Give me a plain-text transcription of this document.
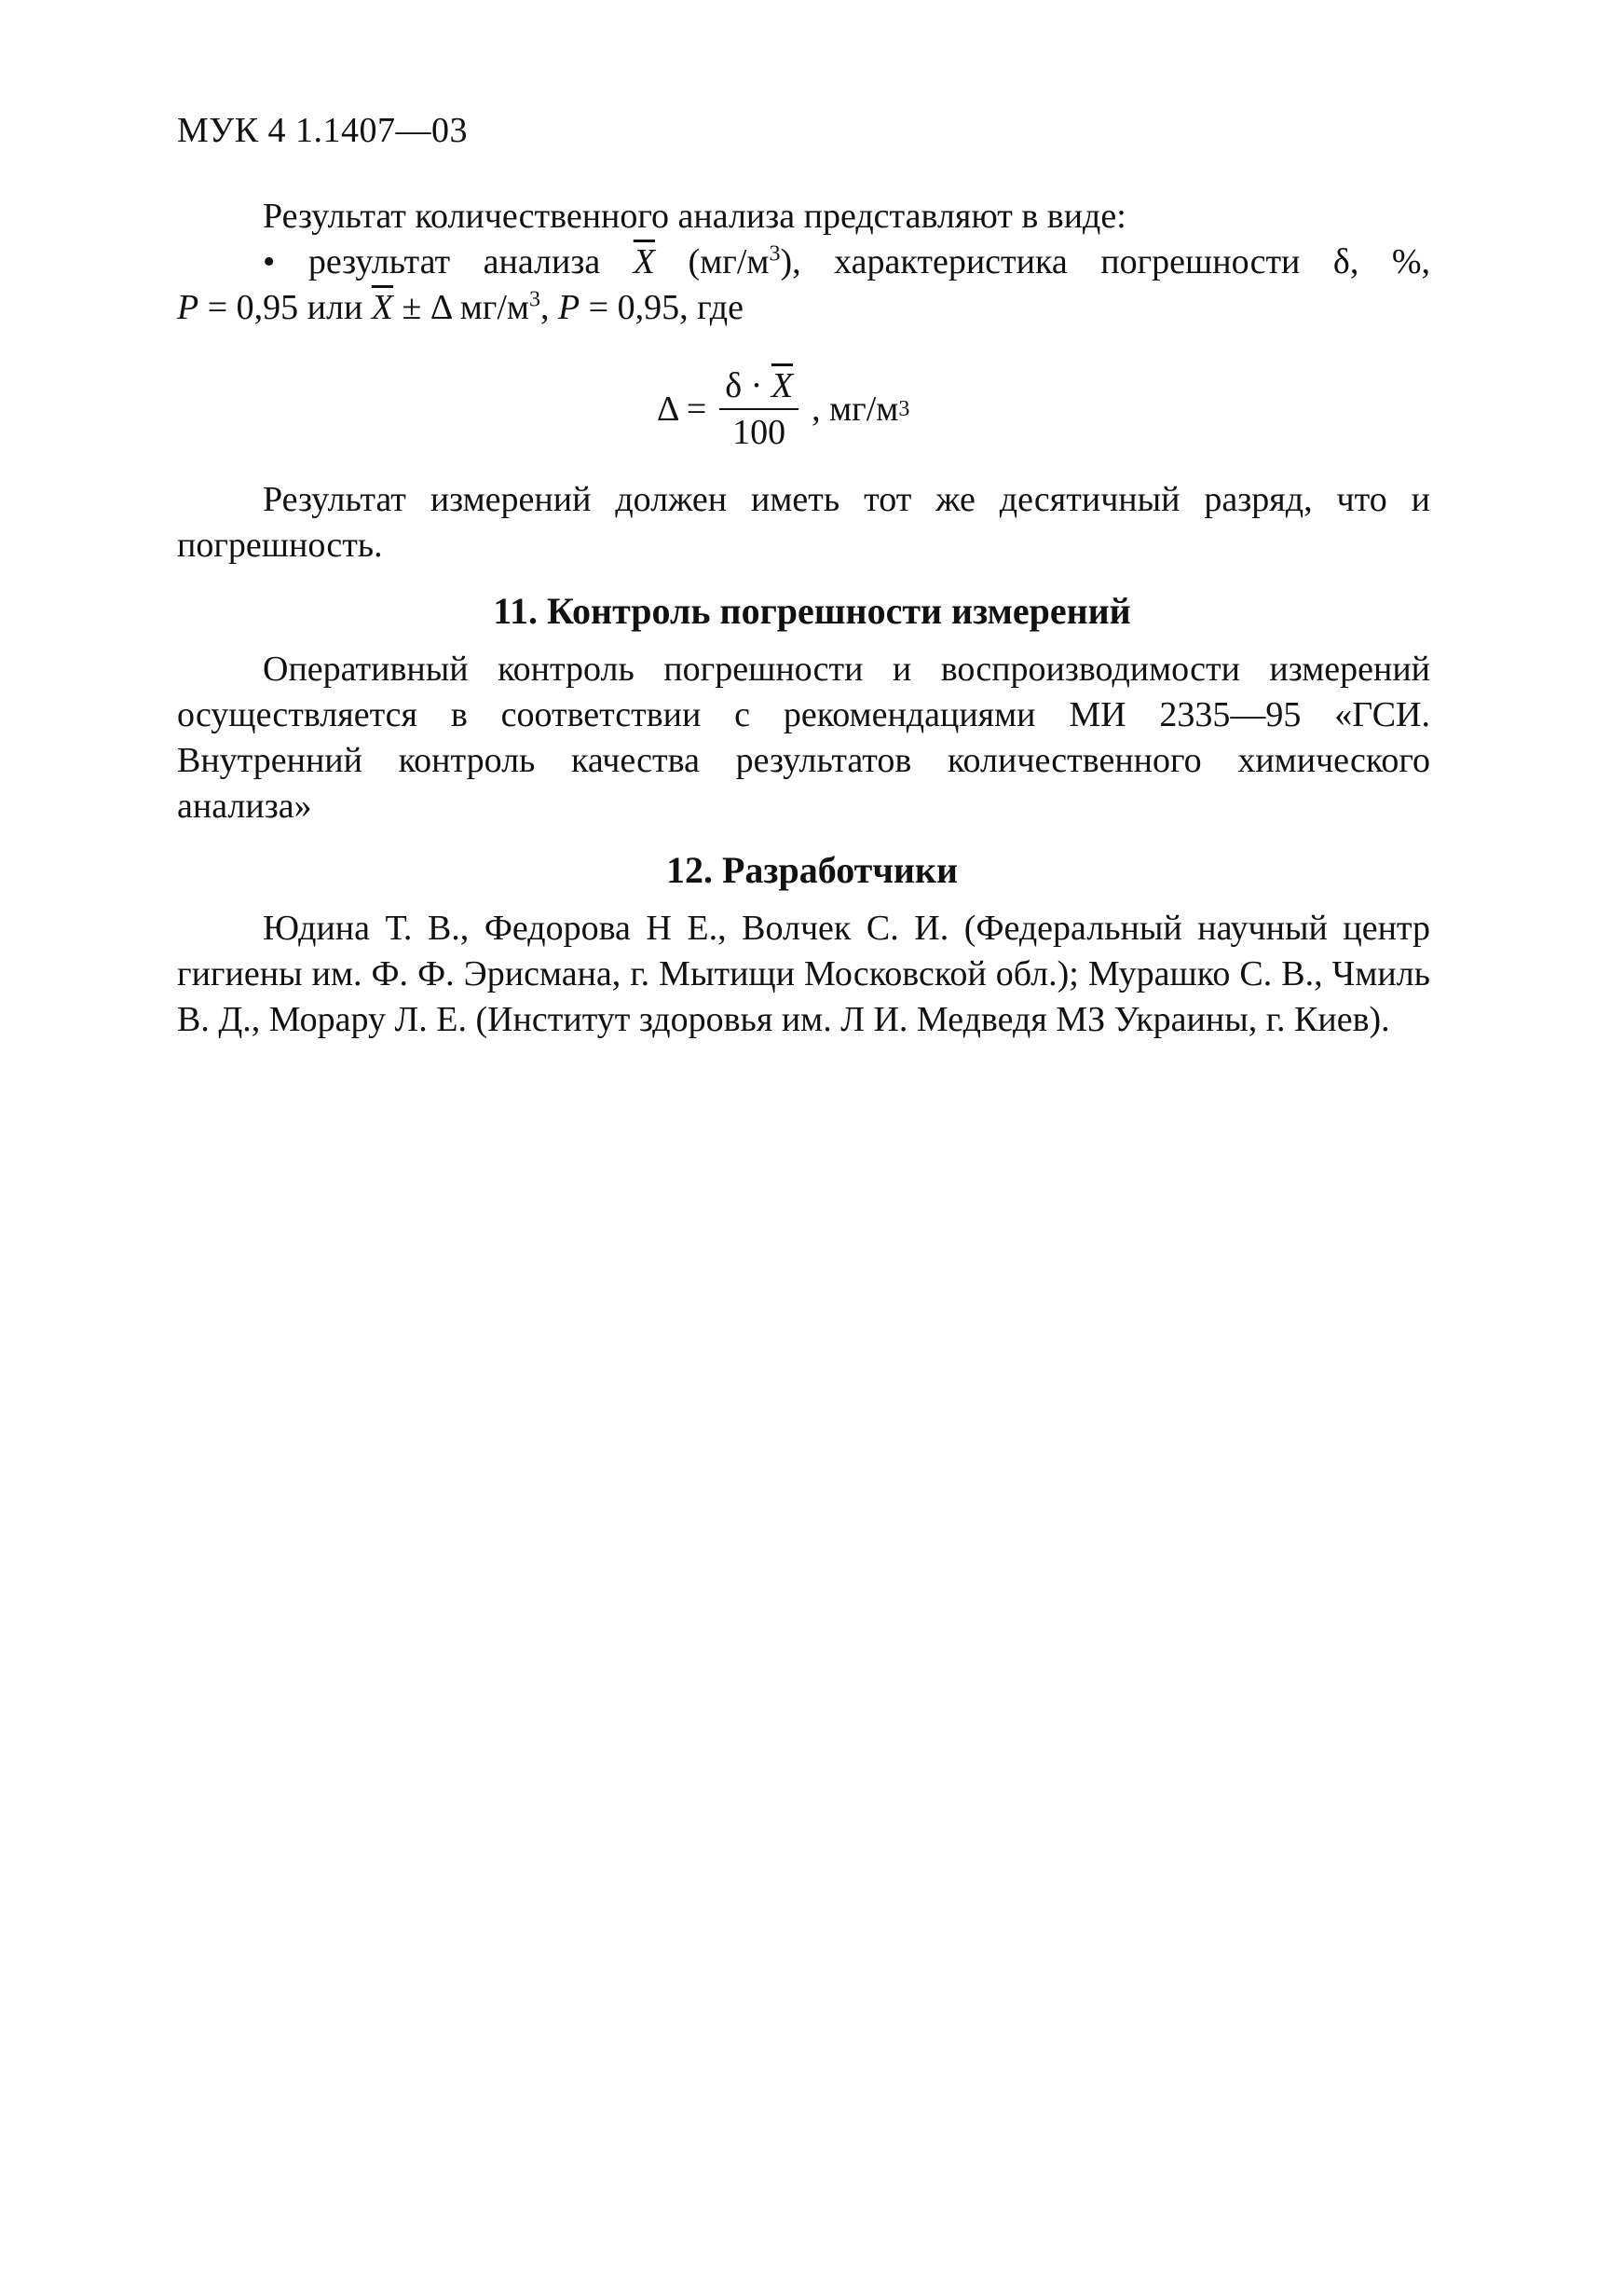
МУК 4 1.1407—03
Результат количественного анализа представляют в виде:
• результат анализа $\overline{X}$ $(мг/м^3)$, характеристика погрешности δ, %,
P = 0,95 или $\overline{X} \pm \Delta$ $мг/м^3$, P = 0,95, где
$\Delta = \frac{\delta \cdot \overline{X}}{100}$ , мг/м 3
Результат измерений должен иметь тот же десятичный разряд, что и погрешность.
11. Контроль погрешности измерений
Оперативный контроль погрешности и воспроизводимости измерений осуществляется в соответствии с рекомендациями МИ 2335—95 «ГСИ. Внутренний контроль качества результатов количественного химического анализа»
12. Разработчики
Юдина Т. В., Федорова Н Е., Волчек С. И. (Федеральный научный центр гигиены им. Ф. Ф. Эрисмана, г. Мытищи Московской обл.); Мурашко С. В., Чмиль В. Д., Морару Л. Е. (Институт здоровья им. Л И. Медведя МЗ Украины, г. Киев).
